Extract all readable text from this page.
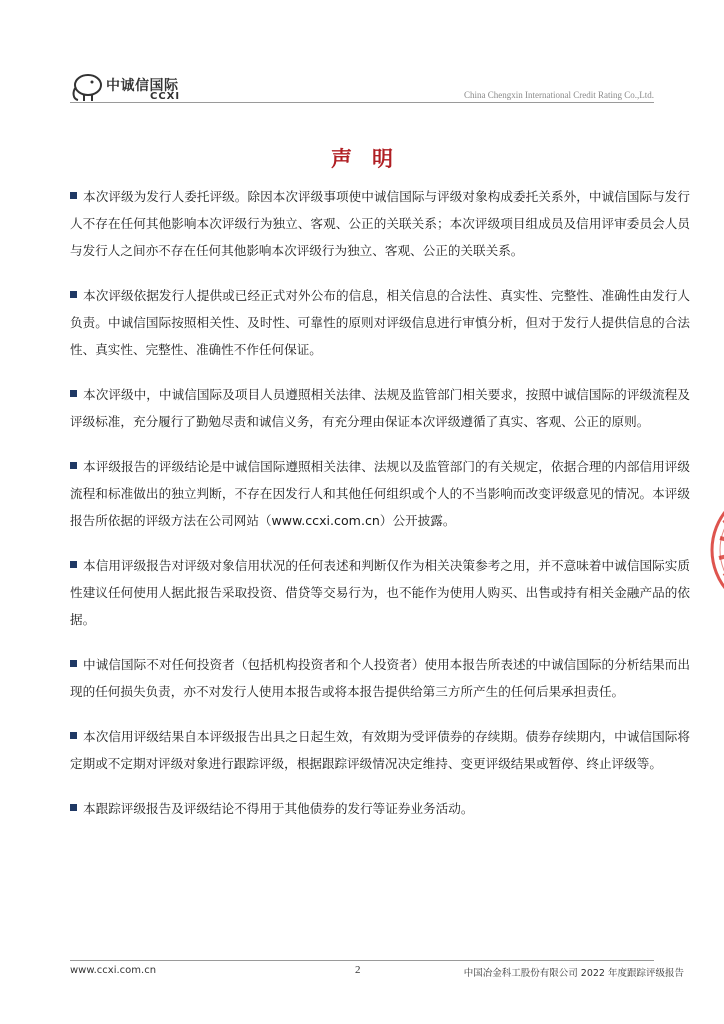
中诚信国际
CCXI	China Chengxin International Credit Rating Co.,Ltd.
声明

本次评级为发行人委托评级。除因本次评级事项使中诚信国际与评级对象构成委托关系外，中诚信国际与发行人不存在任何其他影响本次评级行为独立、客观、公正的关联关系；本次评级项目组成员及信用评审委员会人员与发行人之间亦不存在任何其他影响本次评级行为独立、客观、公正的关联关系。

本次评级依据发行人提供或已经正式对外公布的信息，相关信息的合法性、真实性、完整性、准确性由发行人负责。中诚信国际按照相关性、及时性、可靠性的原则对评级信息进行审慎分析，但对于发行人提供信息的合法性、真实性、完整性、准确性不作任何保证。

本次评级中，中诚信国际及项目人员遵照相关法律、法规及监管部门相关要求，按照中诚信国际的评级流程及评级标准，充分履行了勤勉尽责和诚信义务，有充分理由保证本次评级遵循了真实、客观、公正的原则。

本评级报告的评级结论是中诚信国际遵照相关法律、法规以及监管部门的有关规定，依据合理的内部信用评级流程和标准做出的独立判断，不存在因发行人和其他任何组织或个人的不当影响而改变评级意见的情况。本评级报告所依据的评级方法在公司网站（www.ccxi.com.cn）公开披露。

本信用评级报告对评级对象信用状况的任何表述和判断仅作为相关决策参考之用，并不意味着中诚信国际实质性建议任何使用人据此报告采取投资、借贷等交易行为，也不能作为使用人购买、出售或持有相关金融产品的依据。

中诚信国际不对任何投资者（包括机构投资者和个人投资者）使用本报告所表述的中诚信国际的分析结果而出现的任何损失负责，亦不对发行人使用本报告或将本报告提供给第三方所产生的任何后果承担责任。

本次信用评级结果自本评级报告出具之日起生效，有效期为受评债券的存续期。债券存续期内，中诚信国际将定期或不定期对评级对象进行跟踪评级，根据跟踪评级情况决定维持、变更评级结果或暂停、终止评级等。

本跟踪评级报告及评级结论不得用于其他债券的发行等证券业务活动。

www.ccxi.com.cn	2	中国冶金科工股份有限公司 2022 年度跟踪评级报告
